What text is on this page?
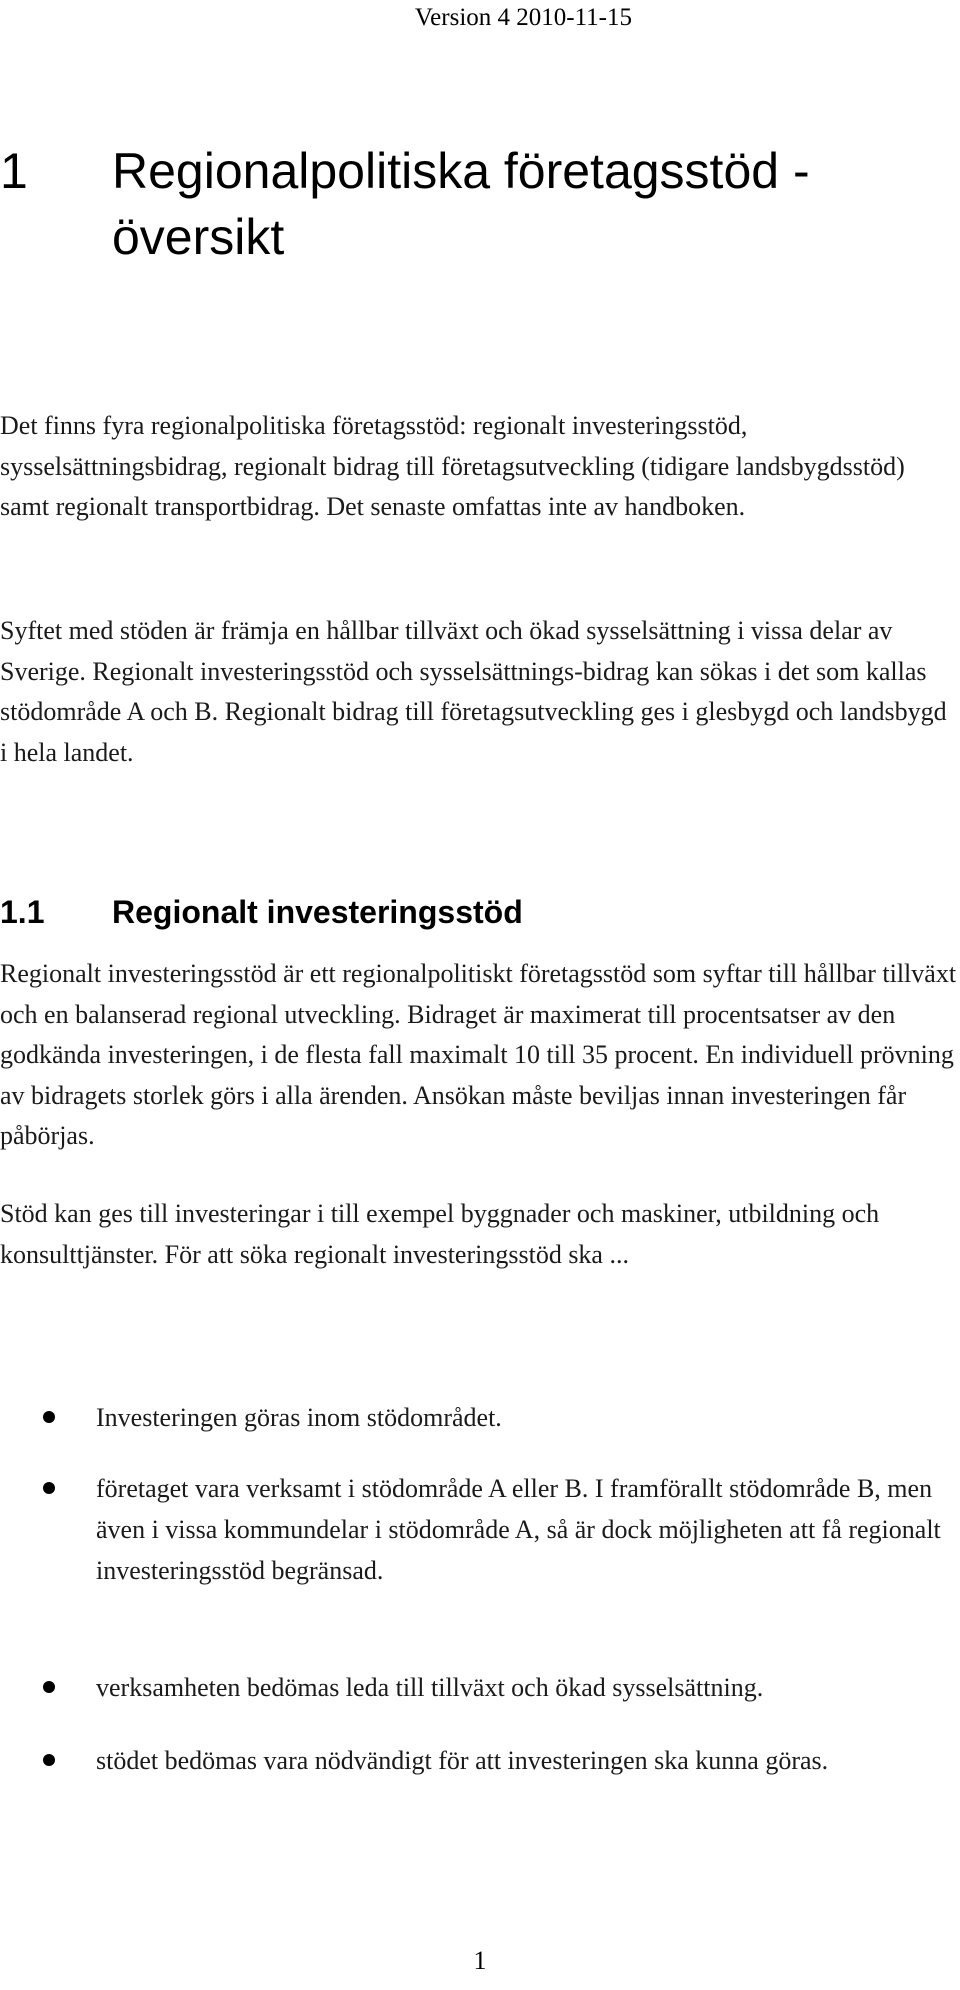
Version 4 2010-11-15
1 Regionalpolitiska företagsstöd -
översikt

Det finns fyra regionalpolitiska företagsstöd: regionalt investeringsstöd, sysselsättningsbidrag, regionalt bidrag till företagsutveckling (tidigare landsbygdsstöd) samt regionalt transportbidrag. Det senaste omfattas inte av handboken.

Syftet med stöden är främja en hållbar tillväxt och ökad sysselsättning i vissa delar av Sverige. Regionalt investeringsstöd och sysselsättnings-bidrag kan sökas i det som kallas stödområde A och B. Regionalt bidrag till företagsutveckling ges i glesbygd och landsbygd i hela landet.

1.1 Regionalt investeringsstöd

Regionalt investeringsstöd är ett regionalpolitiskt företagsstöd som syftar till hållbar tillväxt och en balanserad regional utveckling. Bidraget är maximerat till procentsatser av den godkända investeringen, i de flesta fall maximalt 10 till 35 procent. En individuell prövning av bidragets storlek görs i alla ärenden. Ansökan måste beviljas innan investeringen får påbörjas.

Stöd kan ges till investeringar i till exempel byggnader och maskiner, utbildning och konsulttjänster. För att söka regionalt investeringsstöd ska ...

Investeringen göras inom stödområdet.
företaget vara verksamt i stödområde A eller B. I framförallt stödområde B, men även i vissa kommundelar i stödområde A, så är dock möjligheten att få regionalt investeringsstöd begränsad.
verksamheten bedömas leda till tillväxt och ökad sysselsättning.
stödet bedömas vara nödvändigt för att investeringen ska kunna göras.
1
